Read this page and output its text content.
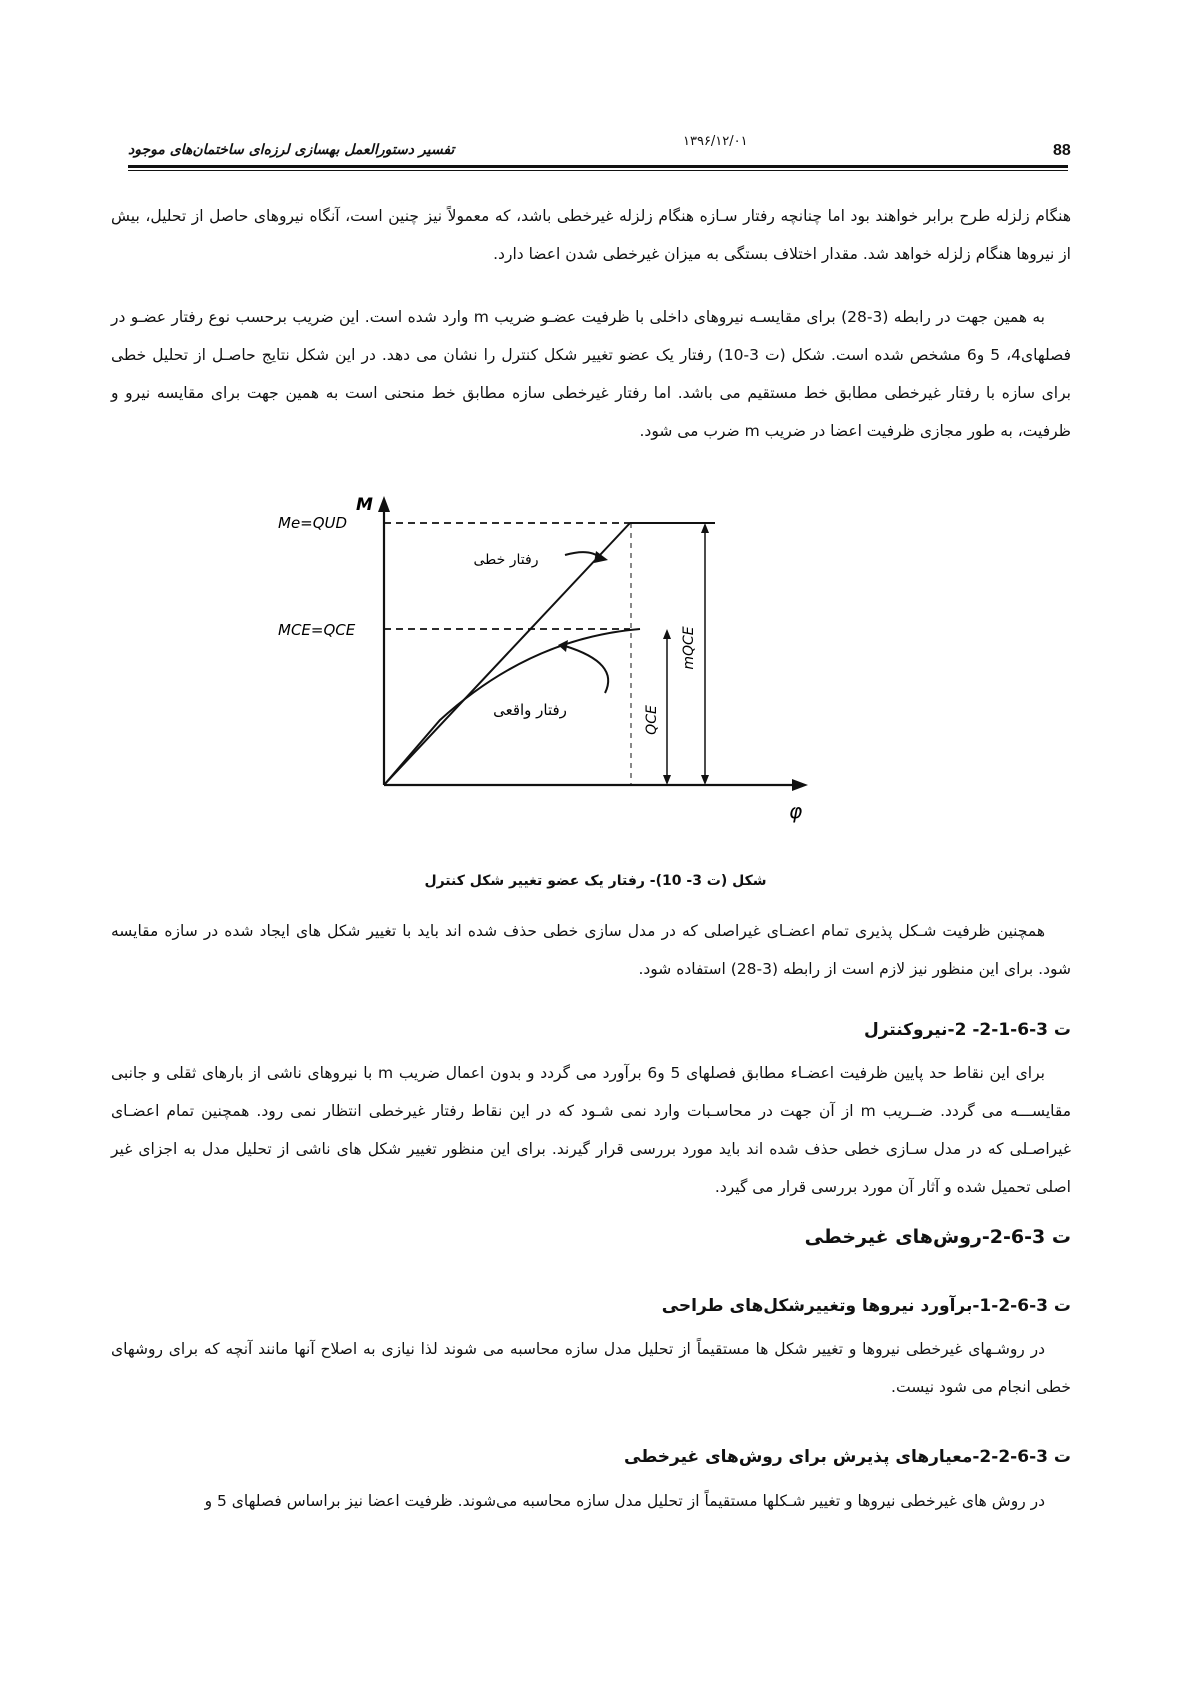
88
۱۳۹۶/۱۲/۰۱
تفسیر دستورالعمل بهسازی لرزه‌ای ساختمان‌های موجود

هنگام زلزله طرح برابر خواهند بود اما چنانچه رفتار سـازه هنگام زلزله غیرخطی باشد، که معمولاً نیز چنین است، آنگاه نیروهای حاصل از تحلیل، بیش از نیروها هنگام زلزله خواهد شد. مقدار اختلاف بستگی به میزان غیرخطی شدن اعضا دارد.

به همین جهت در رابطه (3-28) برای مقایسـه نیروهای داخلی با ظرفیت عضـو ضریب m وارد شده است. این ضریب برحسب نوع رفتار عضـو در فصلهای4، 5 و6 مشخص شده است. شکل (ت 3-10) رفتار یک عضو تغییر شکل کنترل را نشان می دهد. در این شکل نتایج حاصـل از تحلیل خطی برای سازه با رفتار غیرخطی مطابق خط مستقیم می باشد. اما رفتار غیرخطی سازه مطابق خط منحنی است به همین جهت برای مقایسه نیرو و ظرفیت، به طور مجازی ظرفیت اعضا در ضریب m ضرب می شود.

M
φ
Me=QUD
MCE=QCE
رفتار خطی
رفتار واقعی	QCE
mQCE
شکل (ت 3- 10)- رفتار یک عضو تغییر شکل کنترل

همچنین ظرفیت شـکل پذیری تمام اعضـای غیراصلی که در مدل سازی خطی حذف شده اند باید با تغییر شکل های ایجاد شده در سازه مقایسه شود. برای این منظور نیز لازم است از رابطه (3-28) استفاده شود.

ت 3-6-1-2- 2-نیروکنترل

برای این نقاط حد پایین ظرفیت اعضـاء مطابق فصلهای 5 و6 برآورد می گردد و بدون اعمال ضریب m با نیروهای ناشی از بارهای ثقلی و جانبی مقایســـه می گردد. ضــریب m از آن جهت در محاسـبات وارد نمی شـود که در این نقاط رفتار غیرخطی انتظار نمی رود. همچنین تمام اعضـای غیراصـلی که در مدل سـازی خطی حذف شده اند باید مورد بررسی قرار گیرند. برای این منظور تغییر شکل های ناشی از تحلیل مدل به اجزای غیر اصلی تحمیل شده و آثار آن مورد بررسی قرار می گیرد.

ت 3-6-2-روش‌های غیرخطی
ت 3-6-2-1-برآورد نیروها وتغییرشکل‌های طراحی

در روشـهای غیرخطی نیروها و تغییر شکل ها مستقیماً از تحلیل مدل سازه محاسبه می شوند لذا نیازی به اصلاح آنها مانند آنچه که برای روشهای خطی انجام می شود نیست.

ت 3-6-2-2-معیارهای پذیرش برای روش‌های غیرخطی

در روش های غیرخطی نیروها و تغییر شـکلها مستقیماً از تحلیل مدل سازه محاسبه می‌شوند. ظرفیت اعضا نیز براساس فصلهای 5 و
